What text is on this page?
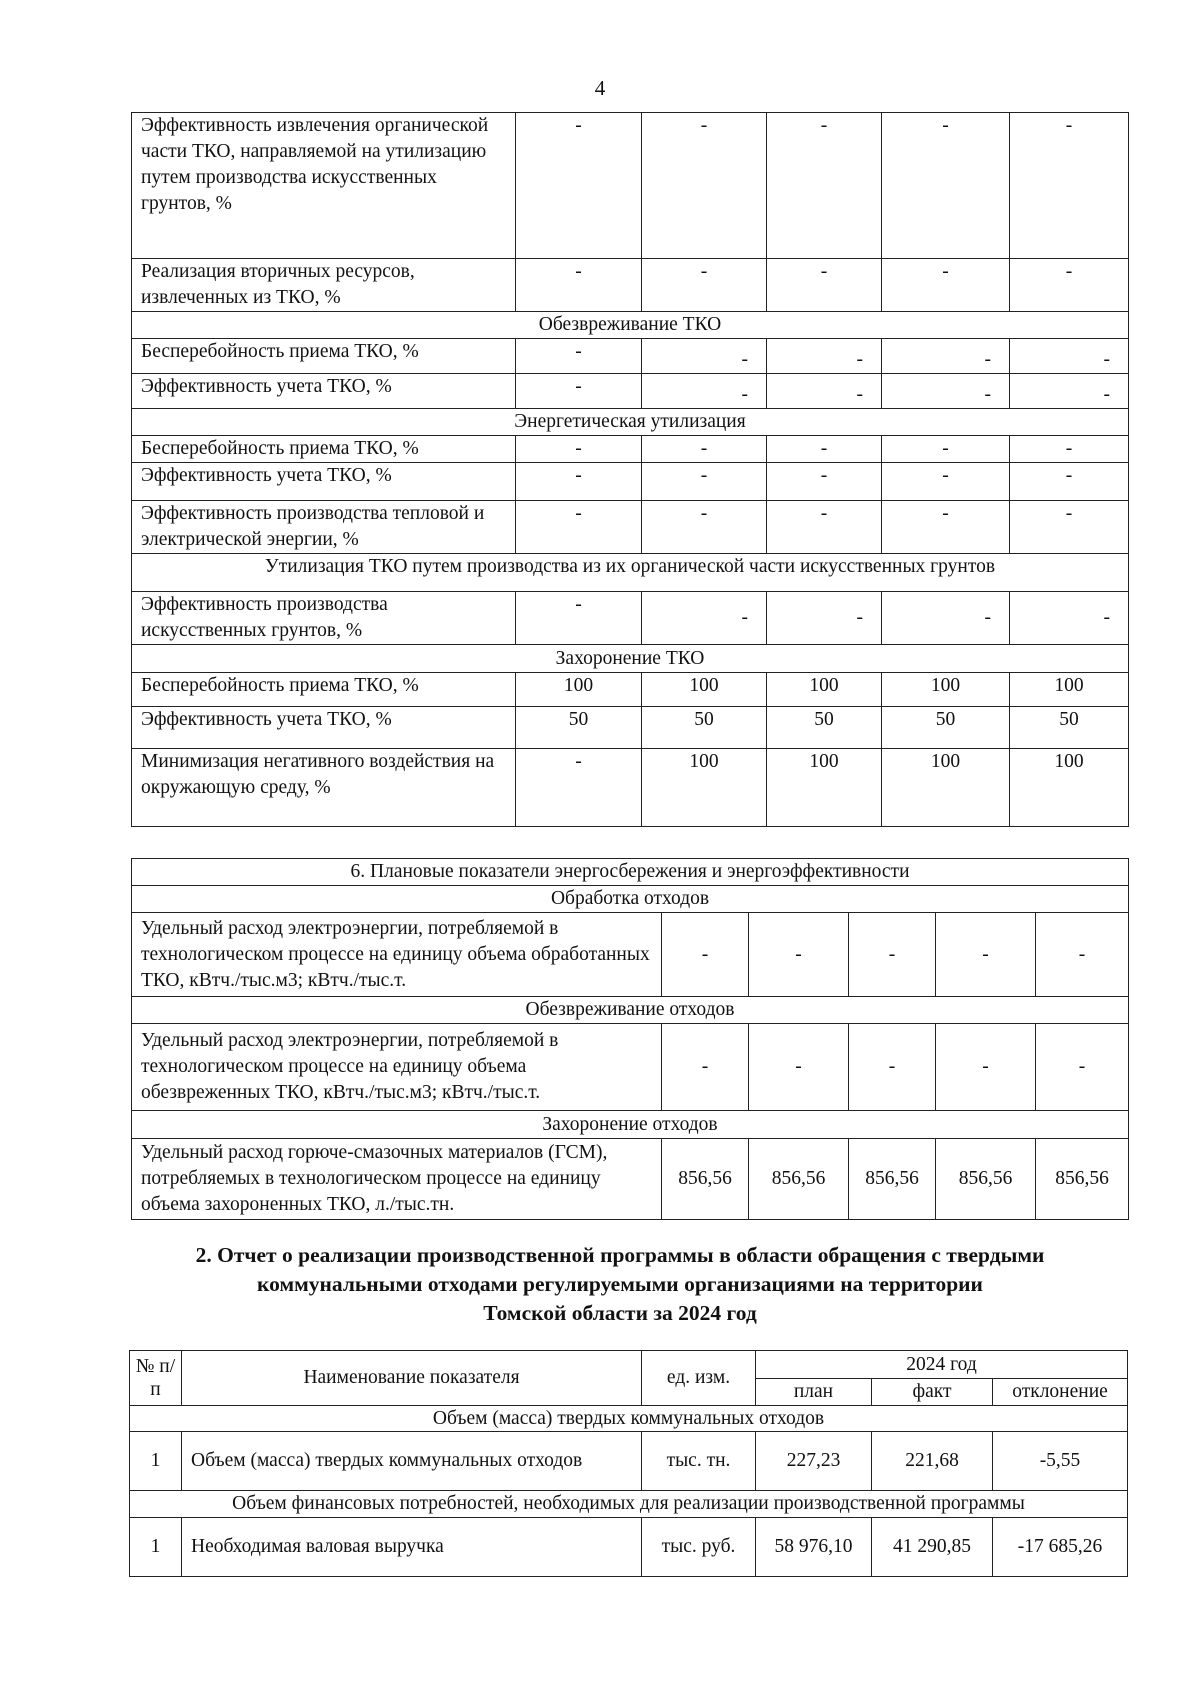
4
Эффективность извлечения органической части ТКО, направляемой на утилизацию путем производства искусственных грунтов, %	-	-	-	-	-
Реализация вторичных ресурсов, извлеченных из ТКО, %	-	-	-	-	-
Обезвреживание ТКО					
Бесперебойность приема ТКО, %	-	-	-	-	-
Эффективность учета ТКО, %	-	-	-	-	-
Энергетическая утилизация					
Бесперебойность приема ТКО, %	-	-	-	-	-
Эффективность учета ТКО, %	-	-	-	-	-
Эффективность производства тепловой и электрической энергии, %	-	-	-	-	-
Утилизация ТКО путем производства из их органической части искусственных грунтов					
Эффективность производства искусственных грунтов, %	-	-	-	-	-
Захоронение ТКО					
Бесперебойность приема ТКО, %	100	100	100	100	100
Эффективность учета ТКО, %	50	50	50	50	50
Минимизация негативного воздействия на окружающую среду, %	-	100	100	100	100
6. Плановые показатели энергосбережения и энергоэффективности					
Обработка отходов					
Удельный расход электроэнергии, потребляемой в технологическом процессе на единицу объема обработанных ТКО, кВтч./тыс.м3; кВтч./тыс.т.	-	-	-	-	-
Обезвреживание отходов					
Удельный расход электроэнергии, потребляемой в технологическом процессе на единицу объема обезвреженных ТКО, кВтч./тыс.м3; кВтч./тыс.т.	-	-	-	-	-
Захоронение отходов					
Удельный расход горюче-смазочных материалов (ГСМ), потребляемых в технологическом процессе на единицу объема захороненных ТКО, л./тыс.тн.	856,56	856,56	856,56	856,56	856,56
2. Отчет о реализации производственной программы в области обращения с твердыми
коммунальными отходами регулируемыми организациями на территории
Томской области за 2024 год
№ п/п	Наименование показателя	ед. изм.	2024 год		
			план	факт	отклонение
Объем (масса) твердых коммунальных отходов					
1	Объем (масса) твердых коммунальных отходов	тыс. тн.	227,23	221,68	-5,55
Объем финансовых потребностей, необходимых для реализации производственной программы					
1	Необходимая валовая выручка	тыс. руб.	58 976,10	41 290,85	-17 685,26
